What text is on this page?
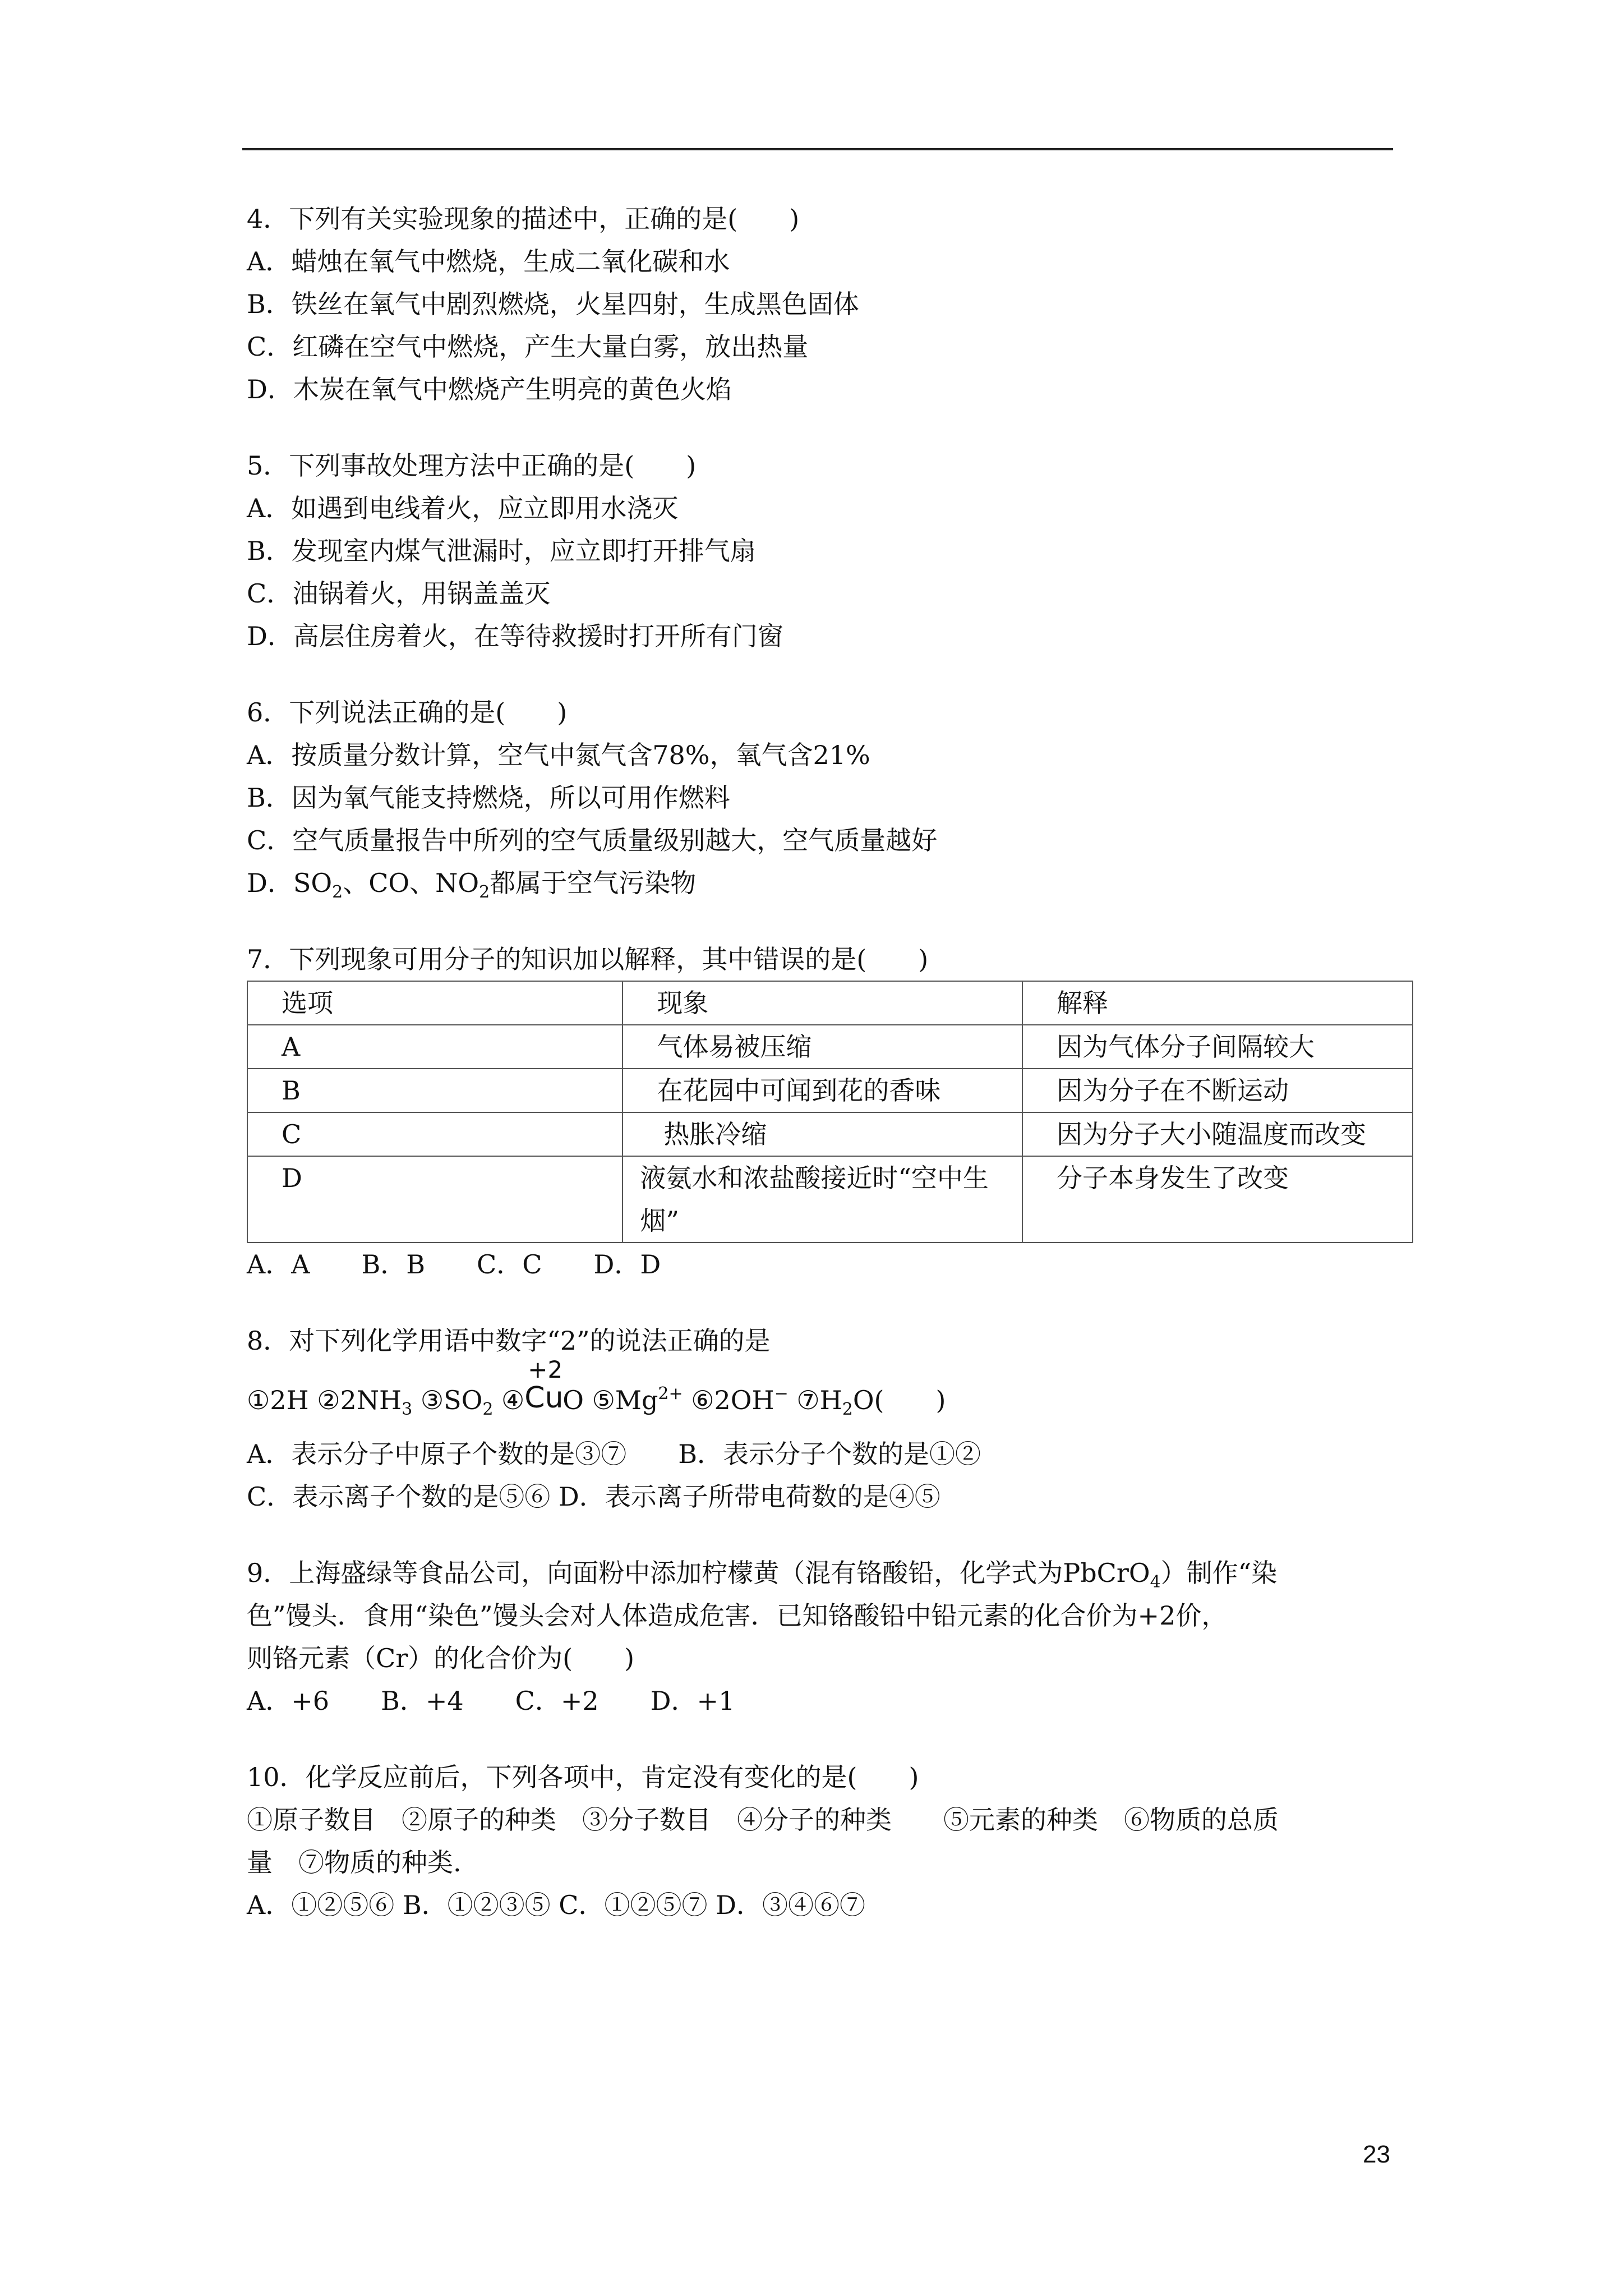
4．下列有关实验现象的描述中，正确的是(　　)
A．蜡烛在氧气中燃烧，生成二氧化碳和水
B．铁丝在氧气中剧烈燃烧，火星四射，生成黑色固体
C．红磷在空气中燃烧，产生大量白雾，放出热量
D．木炭在氧气中燃烧产生明亮的黄色火焰
5．下列事故处理方法中正确的是(　　)
A．如遇到电线着火，应立即用水浇灭
B．发现室内煤气泄漏时，应立即打开排气扇
C．油锅着火，用锅盖盖灭
D．高层住房着火，在等待救援时打开所有门窗
6．下列说法正确的是(　　)
A．按质量分数计算，空气中氮气含78%，氧气含21%
B．因为氧气能支持燃烧，所以可用作燃料
C．空气质量报告中所列的空气质量级别越大，空气质量越好
D．$SO_2$、CO、$NO_2$都属于空气污染物
7．下列现象可用分子的知识加以解释，其中错误的是(　　)
选项	现象	解释
A	气体易被压缩	因为气体分子间隔较大
B	在花园中可闻到花的香味	因为分子在不断运动
C	热胀冷缩	因为分子大小随温度而改变
D	液氨水和浓盐酸接近时“空中生烟”	分子本身发生了改变
A．A　　B．B　　C．C　　D．D
8．对下列化学用语中数字“2”的说法正确的是
①2H $②2NH_3$ $③SO_2$ ④
+2
Cu
O $⑤Mg^{2+}$ ⑥2OH− $⑦H_2O$(　　)
A．表示分子中原子个数的是③⑦　　B．表示分子个数的是①②
C．表示离子个数的是⑤⑥ D．表示离子所带电荷数的是④⑤
9．上海盛绿等食品公司，向面粉中添加柠檬黄（混有铬酸铅，化学式为PbCrO$_4$）制作“染
色”馒头．食用“染色”馒头会对人体造成危害．已知铬酸铅中铅元素的化合价为+2价，
则铬元素（Cr）的化合价为(　　)
A．+6　　B．+4　　C．+2　　D．+1
10．化学反应前后，下列各项中，肯定没有变化的是(　　)
①原子数目　②原子的种类　③分子数目　④分子的种类　　⑤元素的种类　⑥物质的总质
量　⑦物质的种类.
A．①②⑤⑥ B．①②③⑤ C．①②⑤⑦ D．③④⑥⑦
23
